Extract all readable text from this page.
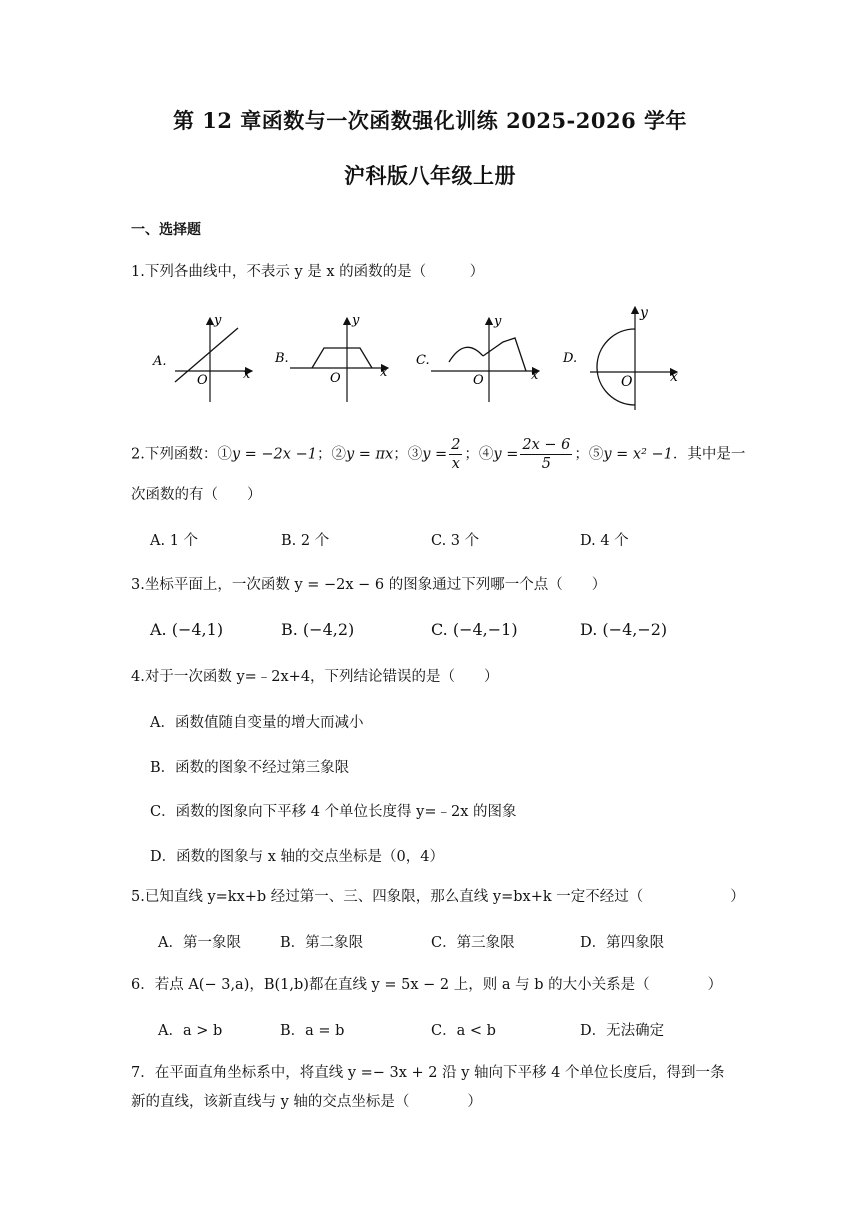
第 12 章函数与一次函数强化训练 2025-2026 学年
沪科版八年级上册
一、选择题
1.下列各曲线中，不表示 y 是 x 的函数的是（　　　）
A.
O	x
y
B.
O	x
y
C.
O	x
y
D.
O	x
y
2.下列函数：①y = −2x −1；②y = πx；③y = $\frac{2}{x}$ ；④y = $\frac{2x - 6}{5}$ ；⑤y = x² −1．其中是一
次函数的有（　　）
A. 1 个	B. 2 个	C. 3 个	D. 4 个
3.坐标平面上，一次函数 y = −2x − 6 的图象通过下列哪一个点（　　）
A. (−4,1)	B. (−4,2)	C. (−4,−1)	D. (−4,−2)
4.对于一次函数 y=﹣2x+4，下列结论错误的是（　　）
A．函数值随自变量的增大而减小
B．函数的图象不经过第三象限
C．函数的图象向下平移 4 个单位长度得 y=﹣2x 的图象
D．函数的图象与 x 轴的交点坐标是（0，4）
5.已知直线 y=kx+b 经过第一、三、四象限，那么直线 y=bx+k 一定不经过（　　　　　　）
A．第一象限	B．第二象限	C．第三象限	D．第四象限
6．若点 A(− 3,a)，B(1,b)都在直线 y = 5x − 2 上，则 a 与 b 的大小关系是（　　　　）
A．a > b	B．a = b	C．a < b	D．无法确定
7．在平面直角坐标系中，将直线 y =− 3x + 2 沿 y 轴向下平移 4 个单位长度后，得到一条
新的直线，该新直线与 y 轴的交点坐标是（　　　　）
